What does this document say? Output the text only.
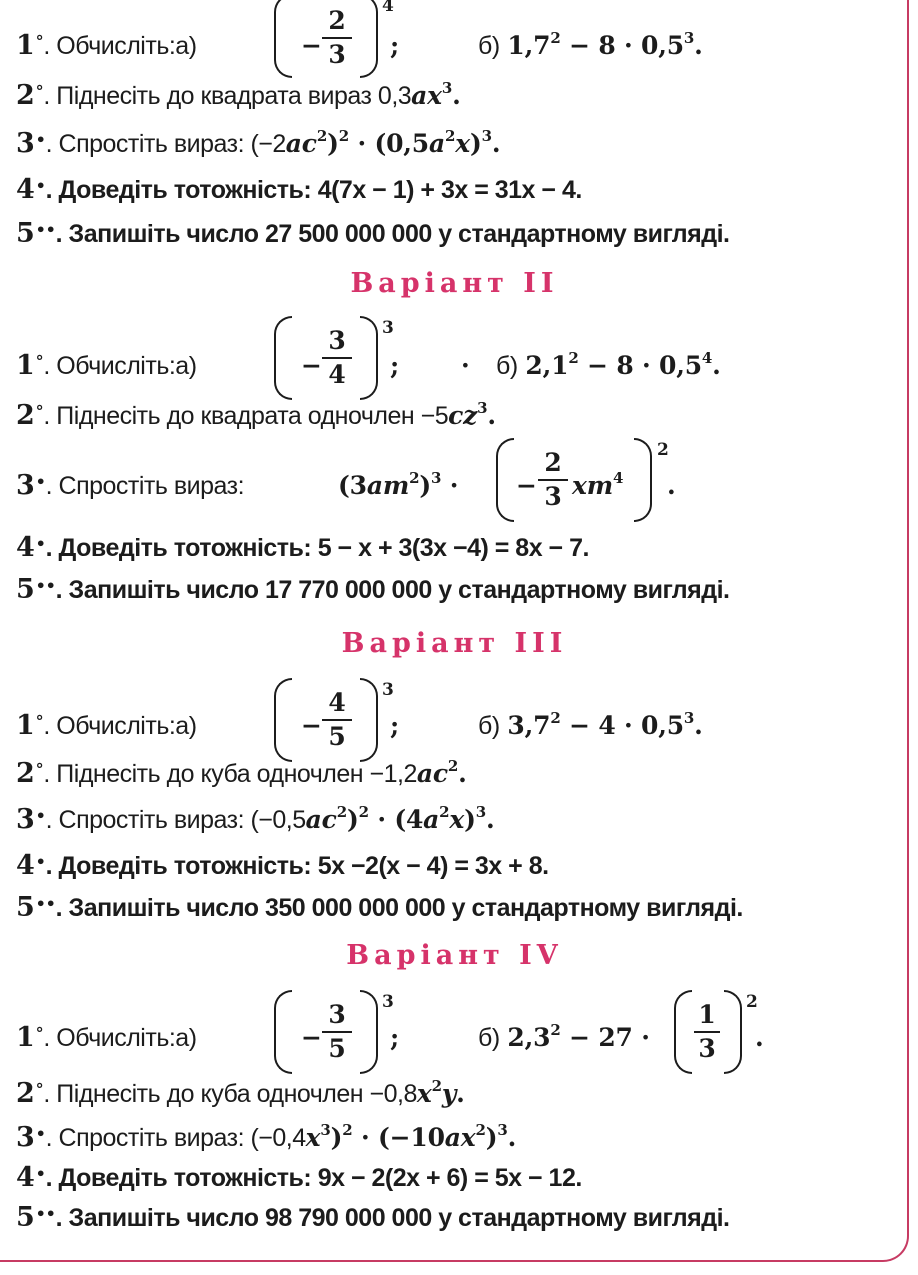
1°. Обчисліть:а)	−
2
3
4
;	б) $1,7^2 - 8 \cdot 0,5^3$.
2°. Піднесіть до квадрата вираз $0,3ax^3$.
3•. Спростіть вираз: $(-2ac^2)^2 \cdot (0,5a^2x)^3$.
4•. Доведіть тотожність: 4(7x − 1) + 3x = 31x − 4.
5••. Запишіть число 27 500 000 000 у стандартному вигляді.
Варіант II
1°. Обчисліть:а)	−
3
4
3
; · б) $2,1^2 - 8 \cdot 0,5^4$.
2°. Піднесіть до квадрата одночлен $-5cz^3$.
3•. Спростіть вираз:	$(3am^2)^3$ · −
2
3 $xm^4$
2
.
4•. Доведіть тотожність: 5 − x + 3(3x −4) = 8x − 7.
5••. Запишіть число 17 770 000 000 у стандартному вигляді.
Варіант III
1°. Обчисліть:а)	−
4
5
3
;	б) $3,7^2 - 4 \cdot 0,5^3$.
2°. Піднесіть до куба одночлен $-1,2ac^2$.
3•. Спростіть вираз: $(-0,5ac^2)^2 \cdot (4a^2x)^3$.
4•. Доведіть тотожність: 5x −2(x − 4) = 3x + 8.
5••. Запишіть число 350 000 000 000 у стандартному вигляді.
Варіант IV
1°. Обчисліть:а)	−
3
5
3
;	б) $2,3^2 - 27$ ·
1
3
2
.
2°. Піднесіть до куба одночлен $-0,8x^2y$.
3•. Спростіть вираз: $(-0,4x^3)^2 \cdot (-10ax^2)^3$.
4•. Доведіть тотожність: 9x − 2(2x + 6) = 5x − 12.
5••. Запишіть число 98 790 000 000 у стандартному вигляді.
